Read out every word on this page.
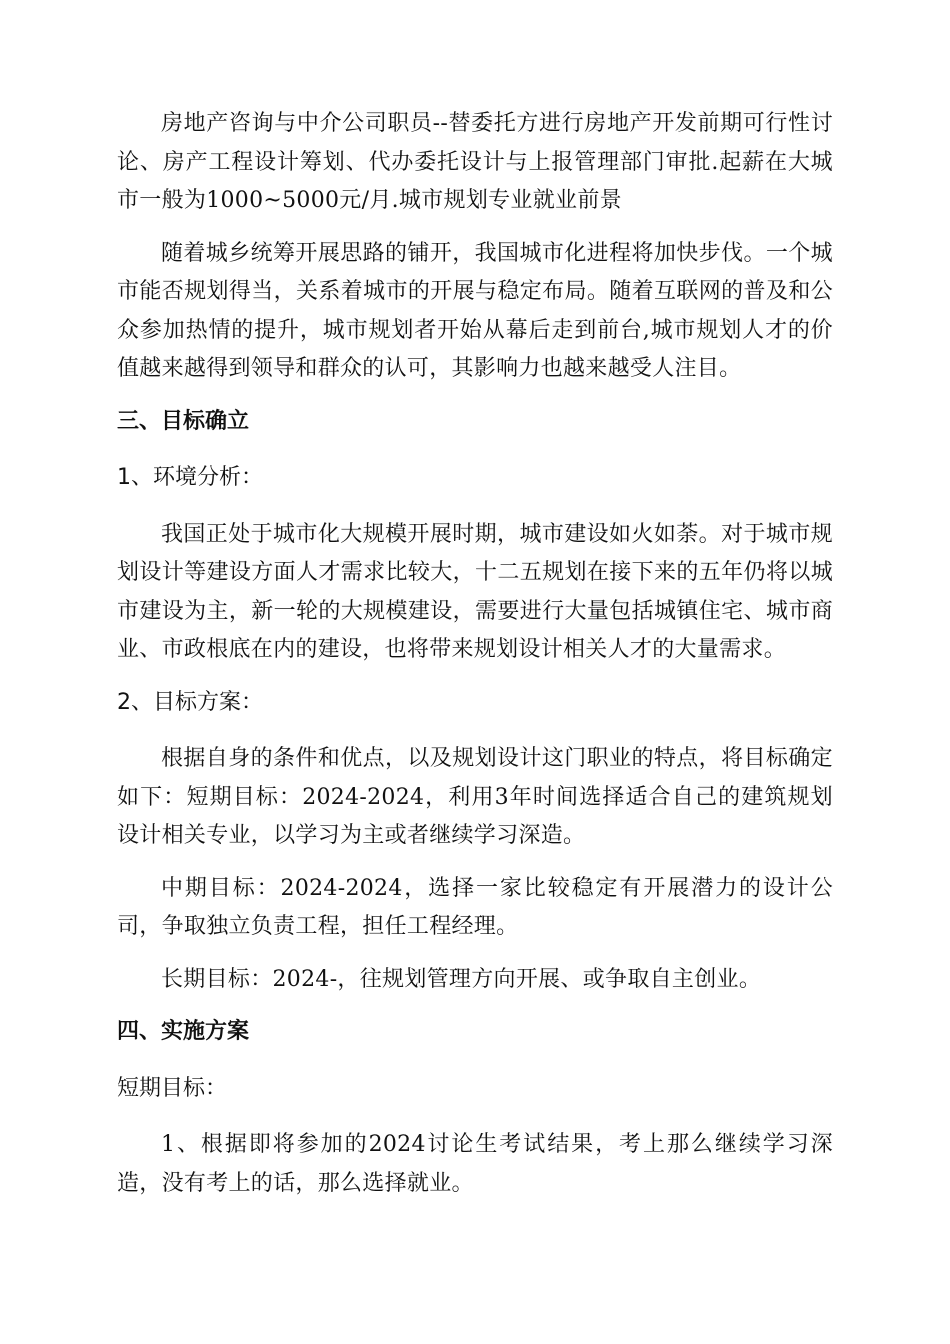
房地产咨询与中介公司职员--替委托方进行房地产开发前期可行性讨论、房产工程设计筹划、代办委托设计与上报管理部门审批.起薪在大城市一般为1000~5000元/月.城市规划专业就业前景

随着城乡统筹开展思路的铺开，我国城市化进程将加快步伐。一个城市能否规划得当，关系着城市的开展与稳定布局。随着互联网的普及和公众参加热情的提升，城市规划者开始从幕后走到前台,城市规划人才的价值越来越得到领导和群众的认可，其影响力也越来越受人注目。

三、目标确立

1、环境分析：

我国正处于城市化大规模开展时期，城市建设如火如荼。对于城市规划设计等建设方面人才需求比较大，十二五规划在接下来的五年仍将以城市建设为主，新一轮的大规模建设，需要进行大量包括城镇住宅、城市商业、市政根底在内的建设，也将带来规划设计相关人才的大量需求。

2、目标方案：

根据自身的条件和优点，以及规划设计这门职业的特点，将目标确定如下：短期目标：2024-2024，利用3年时间选择适合自己的建筑规划设计相关专业，以学习为主或者继续学习深造。

中期目标：2024-2024，选择一家比较稳定有开展潜力的设计公司，争取独立负责工程，担任工程经理。

长期目标：2024-，往规划管理方向开展、或争取自主创业。

四、实施方案

短期目标：

1、根据即将参加的2024讨论生考试结果，考上那么继续学习深造，没有考上的话，那么选择就业。
